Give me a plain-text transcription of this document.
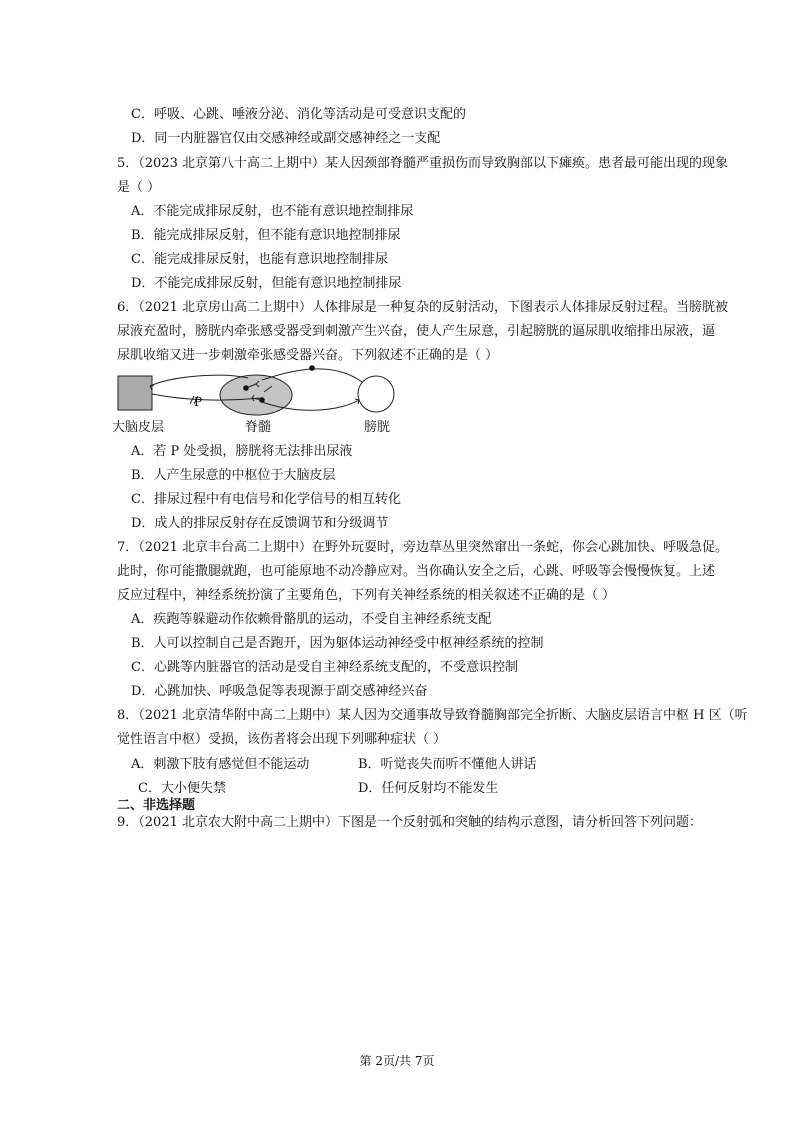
C．呼吸、心跳、唾液分泌、消化等活动是可受意识支配的
D．同一内脏器官仅由交感神经或副交感神经之一支配
5．（2023 北京第八十高二上期中）某人因颈部脊髓严重损伤而导致胸部以下瘫痪。患者最可能出现的现象
是（ ）
A．不能完成排尿反射，也不能有意识地控制排尿
B．能完成排尿反射，但不能有意识地控制排尿
C．能完成排尿反射，也能有意识地控制排尿
D．不能完成排尿反射，但能有意识地控制排尿
6．（2021 北京房山高二上期中）人体排尿是一种复杂的反射活动，下图表示人体排尿反射过程。当膀胱被
尿液充盈时，膀胱内牵张感受器受到刺激产生兴奋，使人产生尿意，引起膀胱的逼尿肌收缩排出尿液，逼
尿肌收缩又进一步刺激牵张感受器兴奋。下列叙述不正确的是（ ）
P
大脑皮层	脊髓	膀胱
A．若 P 处受损，膀胱将无法排出尿液
B．人产生尿意的中枢位于大脑皮层
C．排尿过程中有电信号和化学信号的相互转化
D．成人的排尿反射存在反馈调节和分级调节
7．（2021 北京丰台高二上期中）在野外玩耍时，旁边草丛里突然窜出一条蛇，你会心跳加快、呼吸急促。
此时，你可能撒腿就跑，也可能原地不动冷静应对。当你确认安全之后，心跳、呼吸等会慢慢恢复。上述
反应过程中，神经系统扮演了主要角色，下列有关神经系统的相关叙述不正确的是（ ）
A．疾跑等躲避动作依赖骨骼肌的运动，不受自主神经系统支配
B．人可以控制自己是否跑开，因为躯体运动神经受中枢神经系统的控制
C．心跳等内脏器官的活动是受自主神经系统支配的，不受意识控制
D．心跳加快、呼吸急促等表现源于副交感神经兴奋
8．（2021 北京清华附中高二上期中）某人因为交通事故导致脊髓胸部完全折断、大脑皮层语言中枢 H 区（听
觉性语言中枢）受损，该伤者将会出现下列哪种症状（ ）
A．刺激下肢有感觉但不能运动	B．听觉丧失而听不懂他人讲话
C．大小便失禁	D．任何反射均不能发生
二、非选择题
9．（2021 北京农大附中高二上期中）下图是一个反射弧和突触的结构示意图，请分析回答下列问题：
第 2页/共 7页
